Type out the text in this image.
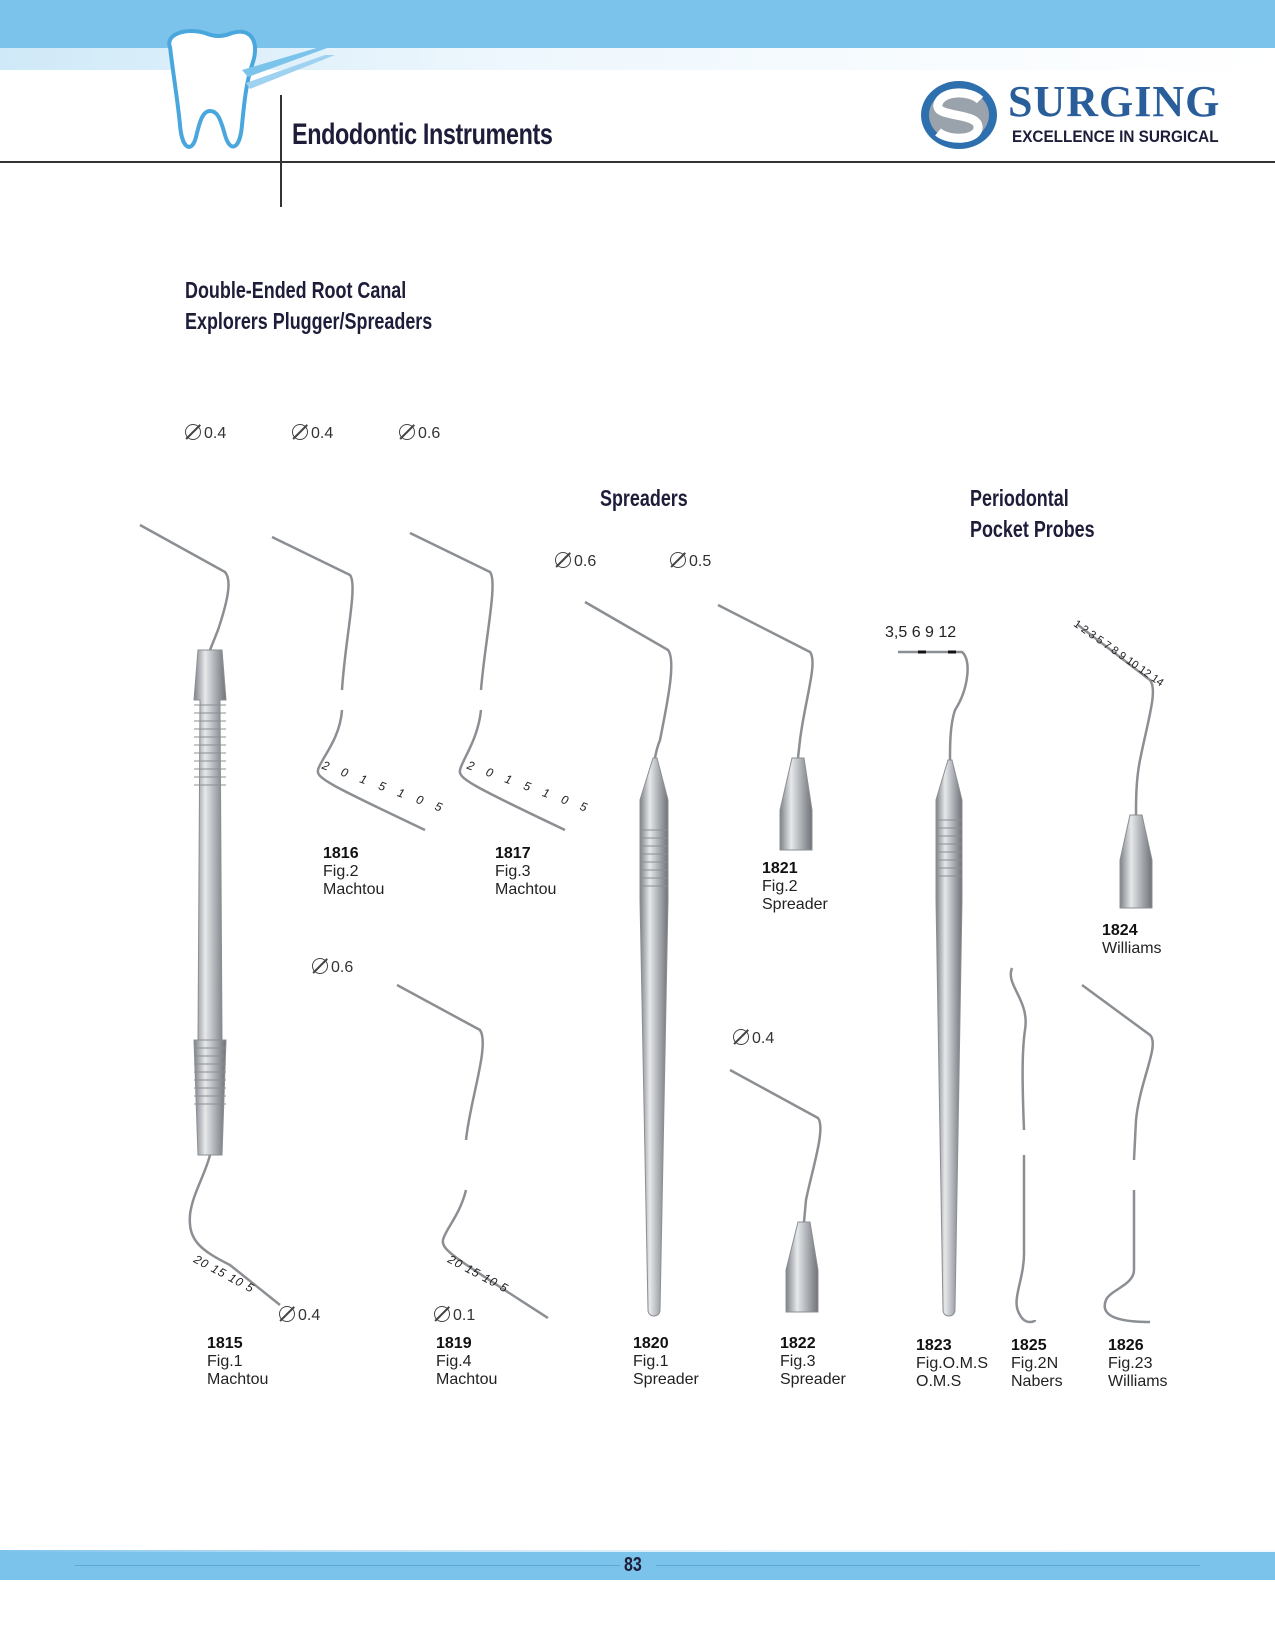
Endodontic Instruments
SURGING
EXCELLENCE IN SURGICAL
Double-Ended Root Canal
Explorers Plugger/Spreaders
Spreaders	Periodontal
Pocket Probes
0.4	0.4	0.6
0.6	0.5
0.6
0.4
0.4	0.1
2 0 1 5 1 0 5 2 0 1 5 1 0 5
20 15 10 5	20 15 10 5
3,5 6 9 12	1 2 3 5 7 8 9 10 12 14
1816
Fig.2
Machtou
1817
Fig.3
Machtou
1821
Fig.2
Spreader
1824
Williams
1815
Fig.1
Machtou
1819
Fig.4
Machtou
1820
Fig.1
Spreader
1822
Fig.3
Spreader
1823
Fig.O.M.S
O.M.S
1825
Fig.2N
Nabers
1826
Fig.23
Williams
83
